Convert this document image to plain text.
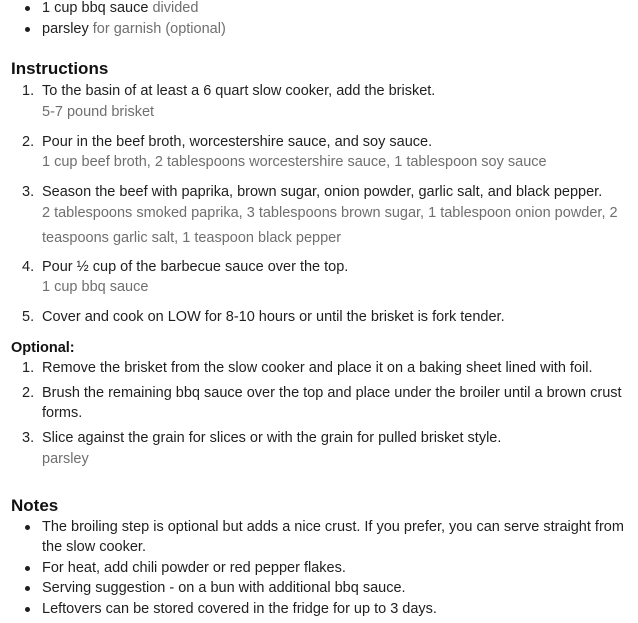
1 cup bbq sauce divided
parsley for garnish (optional)
Instructions
1. To the basin of at least a 6 quart slow cooker, add the brisket.
5-7 pound brisket
2. Pour in the beef broth, worcestershire sauce, and soy sauce.
1 cup beef broth, 2 tablespoons worcestershire sauce, 1 tablespoon soy sauce
3. Season the beef with paprika, brown sugar, onion powder, garlic salt, and black pepper.
2 tablespoons smoked paprika, 3 tablespoons brown sugar, 1 tablespoon onion powder, 2 teaspoons garlic salt, 1 teaspoon black pepper
4. Pour ½ cup of the barbecue sauce over the top.
1 cup bbq sauce
5. Cover and cook on LOW for 8-10 hours or until the brisket is fork tender.
Optional:
1. Remove the brisket from the slow cooker and place it on a baking sheet lined with foil.
2. Brush the remaining bbq sauce over the top and place under the broiler until a brown crust forms.
3. Slice against the grain for slices or with the grain for pulled brisket style.
parsley
Notes
The broiling step is optional but adds a nice crust. If you prefer, you can serve straight from the slow cooker.
For heat, add chili powder or red pepper flakes.
Serving suggestion - on a bun with additional bbq sauce.
Leftovers can be stored covered in the fridge for up to 3 days.
